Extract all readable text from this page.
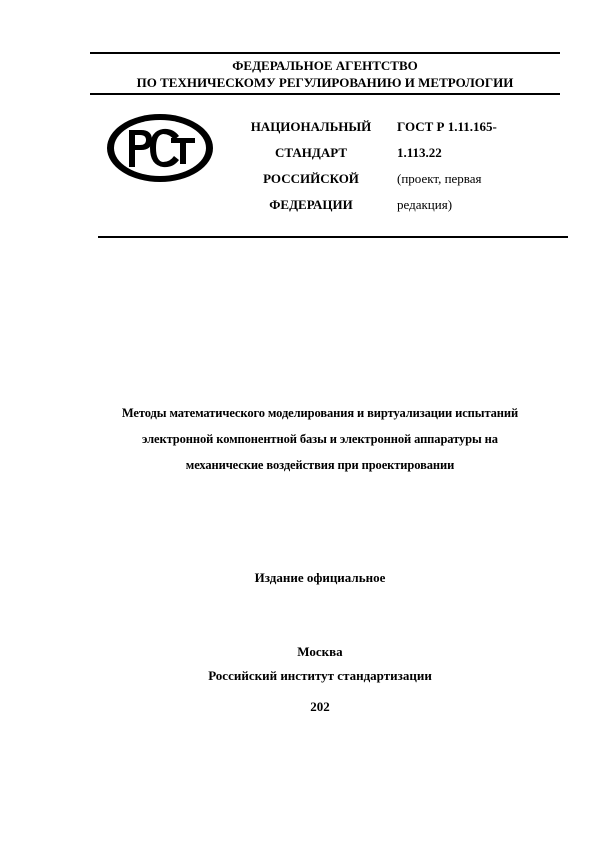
ФЕДЕРАЛЬНОЕ АГЕНТСТВО
ПО ТЕХНИЧЕСКОМУ РЕГУЛИРОВАНИЮ И МЕТРОЛОГИИ
НАЦИОНАЛЬНЫЙ
СТАНДАРТ
РОССИЙСКОЙ
ФЕДЕРАЦИИ
ГОСТ Р 1.11.165-
1.113.22
(проект, первая
редакция)
Методы математического моделирования и виртуализации испытаний
электронной компонентной базы и электронной аппаратуры на
механические воздействия при проектировании
Издание официальное
Москва
Российский институт стандартизации
202
